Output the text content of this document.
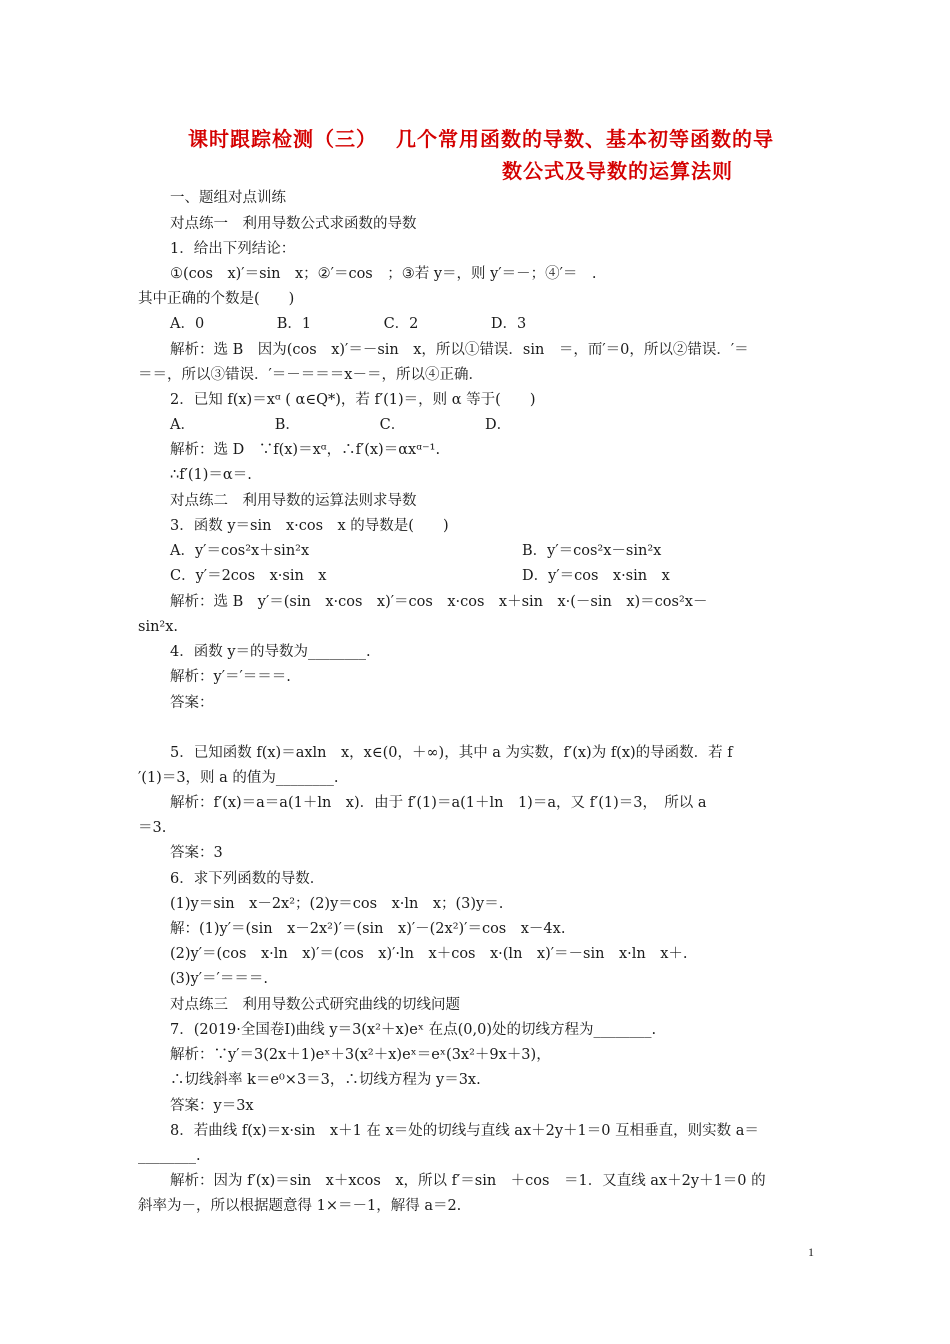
课时跟踪检测（三）　 几个常用函数的导数、基本初等函数的导
数公式及导数的运算法则
一、题组对点训练
对点练一　利用导数公式求函数的导数
1．给出下列结论：
①(cos　x)′＝sin　x；②′＝cos　；③若 y＝，则 y′＝－；④′＝　.
其中正确的个数是(　　)
A．0　　　　　B．1　　　　　C．2　　　　　D．3
解析：选 B　因为(cos　x)′＝－sin　x，所以①错误．sin　＝，而′＝0，所以②错误．′＝
＝＝，所以③错误．′＝－＝＝＝x－＝，所以④正确．
2．已知 f(x)＝xᵅ ( α∈Q*)，若 f′(1)＝，则 α 等于(　　)
A．　　　　　　B．　　　　　　C．　　　　　　D．
解析：选 D　∵f(x)＝xᵅ，∴f′(x)＝αxᵅ⁻¹.
∴f′(1)＝α＝.
对点练二　利用导数的运算法则求导数
3．函数 y＝sin　x·cos　x 的导数是(　　)
A．y′＝cos²x＋sin²x	B．y′＝cos²x－sin²x
C．y′＝2cos　x·sin　x	D．y′＝cos　x·sin　x
解析：选 B　y′＝(sin　x·cos　x)′＝cos　x·cos　x＋sin　x·(－sin　x)＝cos²x－
sin²x.
4．函数 y＝的导数为________.
解析：y′＝′＝＝＝.
答案：
5．已知函数 f(x)＝axln　x，x∈(0，＋∞)，其中 a 为实数，f′(x)为 f(x)的导函数．若 f
′(1)＝3，则 a 的值为________.
解析：f′(x)＝a＝a(1＋ln　x)．由于 f′(1)＝a(1＋ln　1)＝a，又 f′(1)＝3，　所以 a
＝3.
答案：3
6．求下列函数的导数．
(1)y＝sin　x－2x²；(2)y＝cos　x·ln　x；(3)y＝.
解：(1)y′＝(sin　x－2x²)′＝(sin　x)′－(2x²)′＝cos　x－4x.
(2)y′＝(cos　x·ln　x)′＝(cos　x)′·ln　x＋cos　x·(ln　x)′＝－sin　x·ln　x＋.
(3)y′＝′＝＝＝.
对点练三　利用导数公式研究曲线的切线问题
7．(2019·全国卷Ⅰ)曲线 y＝3(x²＋x)eˣ 在点(0,0)处的切线方程为________.
解析：∵y′＝3(2x＋1)eˣ＋3(x²＋x)eˣ＝eˣ(3x²＋9x＋3)，
∴切线斜率 k＝e⁰×3＝3，∴切线方程为 y＝3x.
答案：y＝3x
8．若曲线 f(x)＝x·sin　x＋1 在 x＝处的切线与直线 ax＋2y＋1＝0 互相垂直，则实数 a＝
________.
解析：因为 f′(x)＝sin　x＋xcos　x，所以 f′＝sin　＋cos　＝1．又直线 ax＋2y＋1＝0 的
斜率为－，所以根据题意得 1×＝－1，解得 a＝2.
1
